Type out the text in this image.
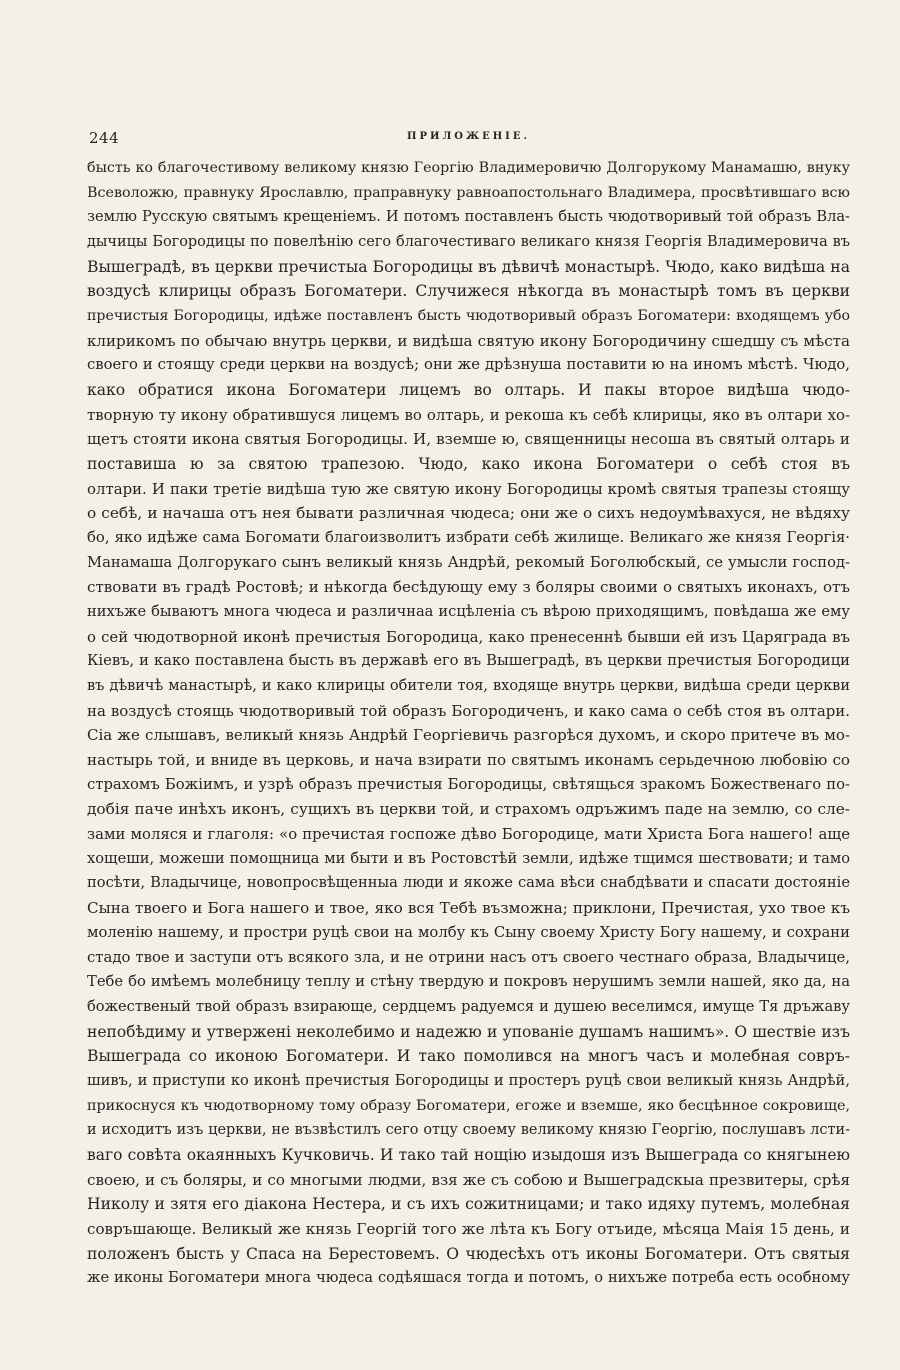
244	ПРИЛОЖЕНІЕ.
бысть ко благочестивому великому князю Георгію Владимеровичю Долгорукому Манамашю, внуку
Всеволожю, правнуку Ярославлю, праправнуку равноапостольнаго Владимера, просвѣтившаго всю
землю Русскую святымъ крещеніемъ. И потомъ поставленъ бысть чюдотворивый той образъ Вла-
дычицы Богородицы по повелѣнію сего благочестиваго великаго князя Георгія Владимеровича въ
Вышеградѣ, въ церкви пречистыа Богородицы въ дѣвичѣ монастырѣ. Чюдо, како видѣша на
воздусѣ клирицы образъ Богоматери. Случижеся нѣкогда въ монастырѣ томъ въ церкви
пречистыя Богородицы, идѣже поставленъ бысть чюдотворивый образъ Богоматери: входящемъ убо
клирикомъ по обычаю внутрь церкви, и видѣша святую икону Богородичину сшедшу съ мѣста
своего и стоящу среди церкви на воздусѣ; они же дрѣзнуша поставити ю на иномъ мѣстѣ. Чюдо,
како обратися икона Богоматери лицемъ во олтарь. И пакы второе видѣша чюдо-
творную ту икону обратившуся лицемъ во олтарь, и рекоша къ себѣ клирицы, яко въ олтари хо-
щетъ стояти икона святыя Богородицы. И, вземше ю, священницы несоша въ святый олтарь и
поставиша ю за святою трапезою. Чюдо, како икона Богоматери о себѣ стоя въ
олтари. И паки третіе видѣша тую же святую икону Богородицы кромѣ святыя трапезы стоящу
о себѣ, и начаша отъ нея бывати различная чюдеса; они же о сихъ недоумѣвахуся, не вѣдяху
бо, яко идѣже сама Богомати благоизволитъ избрати себѣ жилище. Великаго же князя Георгія·
Манамаша Долгорукаго сынъ великый князь Андрѣй, рекомый Боголюбскый, се умысли господ-
ствовати въ градѣ Ростовѣ; и нѣкогда бесѣдующу ему з боляры своими о святыхъ иконахъ, отъ
нихъже бываютъ многа чюдеса и различнаа исцѣленіа съ вѣрою приходящимъ, повѣдаша же ему
о сей чюдотворной иконѣ пречистыя Богородица, како пренесеннѣ бывши ей изъ Царяграда въ
Кіевъ, и како поставлена бысть въ державѣ его въ Вышеградѣ, въ церкви пречистыя Богородици
въ дѣвичѣ манастырѣ, и како клирицы обители тоя, входяще внутрь церкви, видѣша среди церкви
на воздусѣ стоящь чюдотворивый той образъ Богородиченъ, и како сама о себѣ стоя въ олтари.
Сіа же слышавъ, великый князь Андрѣй Георгіевичь разгорѣся духомъ, и скоро притече въ мо-
настырь той, и вниде въ церковь, и нача взирати по святымъ иконамъ серьдечною любовію со
страхомъ Божіимъ, и узрѣ образъ пречистыя Богородицы, свѣтящься зракомъ Божественаго по-
добія паче инѣхъ иконъ, сущихъ въ церкви той, и страхомъ одръжимъ паде на землю, со сле-
зами моляся и глаголя: «о пречистая госпоже дѣво Богородице, мати Христа Бога нашего! аще
хощеши, можеши помощница ми быти и въ Ростовстѣй земли, идѣже тщимся шествовати; и тамо
посѣти, Владычице, новопросвѣщенныа люди и якоже сама вѣси снабдѣвати и спасати достояніе
Сына твоего и Бога нашего и твое, яко вся Тебѣ възможна; приклони, Пречистая, ухо твое къ
моленію нашему, и простри руцѣ свои на молбу къ Сыну своему Христу Богу нашему, и сохрани
стадо твое и заступи отъ всякого зла, и не отрини насъ отъ своего честнаго образа, Владычице,
Тебе бо имѣемъ молебницу теплу и стѣну твердую и покровъ нерушимъ земли нашей, яко да, на
божественый твой образъ взирающе, сердцемъ радуемся и душею веселимся, имуще Тя дръжаву
непобѣдиму и утвержені неколебимо и надежю и упованіе душамъ нашимъ». О шествіе изъ
Вышеграда со иконою Богоматери. И тако помолився на многъ часъ и молебная совръ-
шивъ, и приступи ко иконѣ пречистыя Богородицы и простеръ руцѣ свои великый князь Андрѣй,
прикоснуся къ чюдотворному тому образу Богоматери, егоже и вземше, яко бесцѣнное сокровище,
и исходитъ изъ церкви, не възвѣстилъ сего отцу своему великому князю Георгію, послушавъ лсти-
ваго совѣта окаянныхъ Кучковичь. И тако тай нощію изыдошя изъ Вышеграда со княгынею
своею, и съ боляры, и со многыми людми, взя же съ собою и Вышеградскыа презвитеры, срѣя
Николу и зятя его діакона Нестера, и съ ихъ сожитницами; и тако идяху путемъ, молебная
совръшающе. Великый же князь Георгій того же лѣта къ Богу отъиде, мѣсяца Маія 15 день, и
положенъ бысть у Спаса на Берестовемъ. О чюдесѣхъ отъ иконы Богоматери. Отъ святыя
же иконы Богоматери многа чюдеса содѣяшася тогда и потомъ, о нихъже потреба есть особному
